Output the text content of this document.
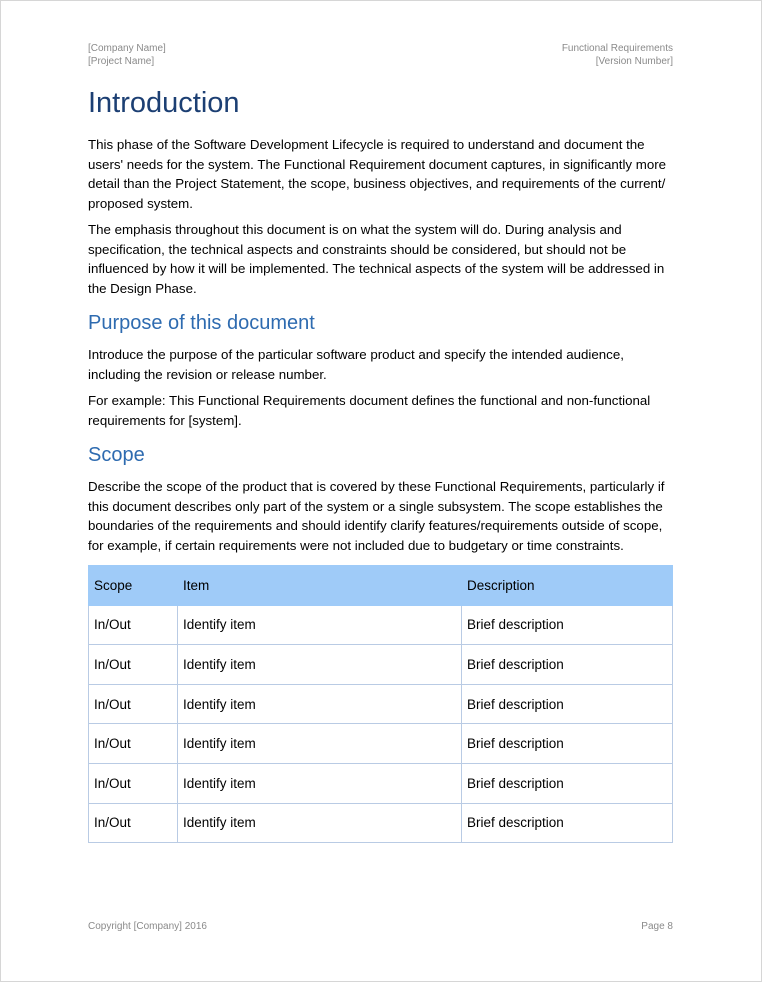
[Company Name]
[Project Name]
Functional Requirements
[Version Number]
Introduction

This phase of the Software Development Lifecycle is required to understand and document the users' needs for the system. The Functional Requirement document captures, in significantly more detail than the Project Statement, the scope, business objectives, and requirements of the current/ proposed system.

The emphasis throughout this document is on what the system will do. During analysis and specification, the technical aspects and constraints should be considered, but should not be influenced by how it will be implemented. The technical aspects of the system will be addressed in the Design Phase.

Purpose of this document

Introduce the purpose of the particular software product and specify the intended audience, including the revision or release number.

For example: This Functional Requirements document defines the functional and non-functional requirements for [system].

Scope

Describe the scope of the product that is covered by these Functional Requirements, particularly if this document describes only part of the system or a single subsystem. The scope establishes the boundaries of the requirements and should identify clarify features/requirements outside of scope, for example, if certain requirements were not included due to budgetary or time constraints.

Scope	Item	Description
In/Out	Identify item	Brief description
In/Out	Identify item	Brief description
In/Out	Identify item	Brief description
In/Out	Identify item	Brief description
In/Out	Identify item	Brief description
In/Out	Identify item	Brief description
Copyright [Company] 2016	Page 8
